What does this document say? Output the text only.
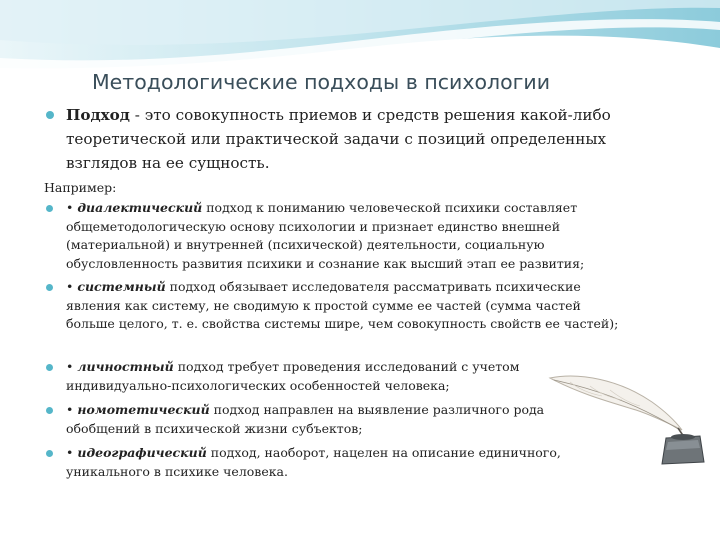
Методологические подходы в психологии
Подход - это совокупность приемов и средств решения какой-либо теоретической или практической задачи с позиций определенных взглядов на ее сущность.
Например:
• диалектический подход к пониманию человеческой психики составляет общеметодологическую основу психологии и признает единство внешней (материальной) и внутренней (психической) деятельности, социальную обусловленность развития психики и сознание как высший этап ее развития;
• системный подход обязывает исследователя рассматривать психические явления как систему, не сводимую к простой сумме ее частей (сумма частей больше целого, т. е. свойства системы шире, чем совокупность свойств ее частей);
• личностный подход требует проведения исследований с учетом индивидуально-психологических особенностей человека;
• номотетический подход направлен на выявление различного рода обобщений в психической жизни субъектов;
• идеографический подход, наоборот, нацелен на описание единичного, уникального в психике человека.
